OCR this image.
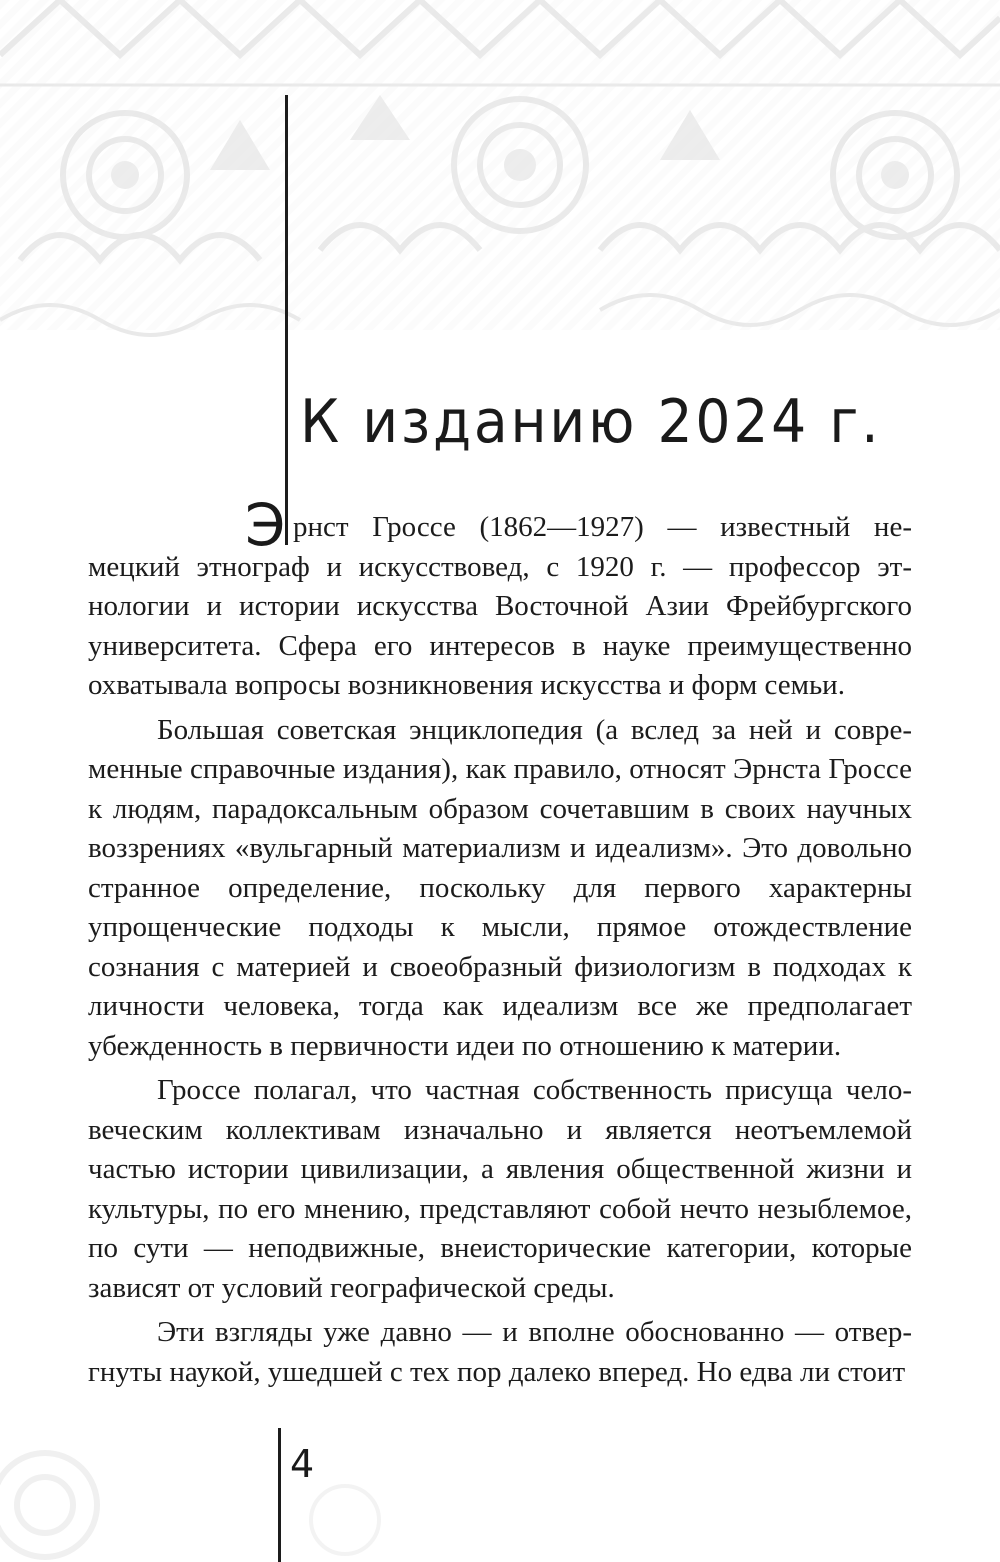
К изданию 2024 г.

Э рнст Гроссе (1862—1927) — известный немецкий этнограф и искусствовед, с 1920 г. — профессор этнологии и истории искусства Восточной Азии Фрейбургского университета. Сфера его интересов в науке преимущественно охватывала вопросы возникновения искусства и форм семьи.

Большая советская энциклопедия (а вслед за ней и современные справочные издания), как правило, относят Эрнста Гроссе к людям, парадоксальным образом сочетавшим в своих научных воззрениях «вульгарный материализм и идеализм». Это довольно странное определение, поскольку для первого характерны упрощенческие подходы к мысли, прямое отождествление сознания с материей и своеобразный физиологизм в подходах к личности человека, тогда как идеализм все же предполагает убежденность в первичности идеи по отношению к материи.

Гроссе полагал, что частная собственность присуща человеческим коллективам изначально и является неотъемлемой частью истории цивилизации, а явления общественной жизни и культуры, по его мнению, представляют собой нечто незыблемое, по сути — неподвижные, внеисторические категории, которые зависят от условий географической среды.

Эти взгляды уже давно — и вполне обоснованно — отвергнуты наукой, ушедшей с тех пор далеко вперед. Но едва ли стоит

4
